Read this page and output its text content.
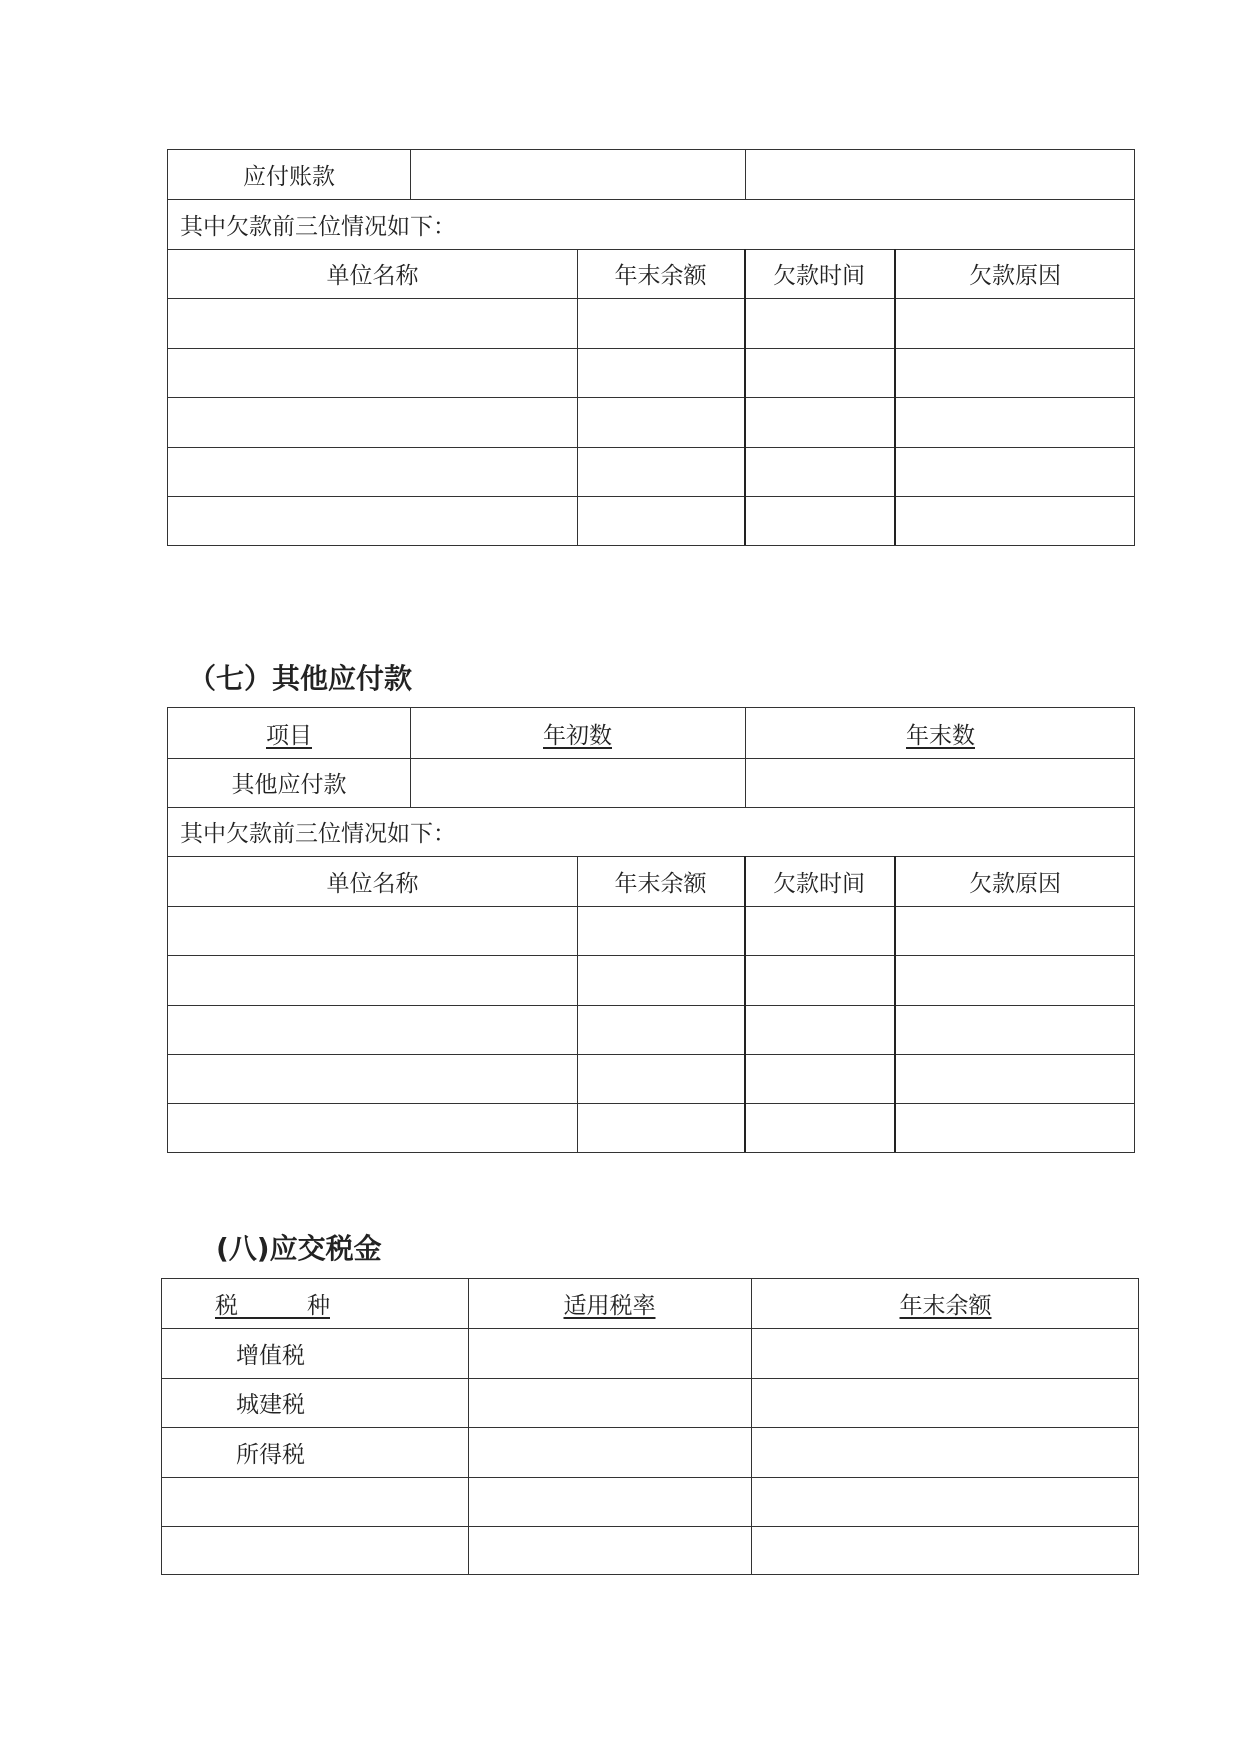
应付账款
其中欠款前三位情况如下：
单位名称	年末余额	欠款时间	欠款原因
（七）其他应付款
项目	年初数	年末数
其他应付款
其中欠款前三位情况如下：
单位名称	年末余额	欠款时间	欠款原因
(八)应交税金
税　　　种	适用税率	年末余额
增值税
城建税
所得税
